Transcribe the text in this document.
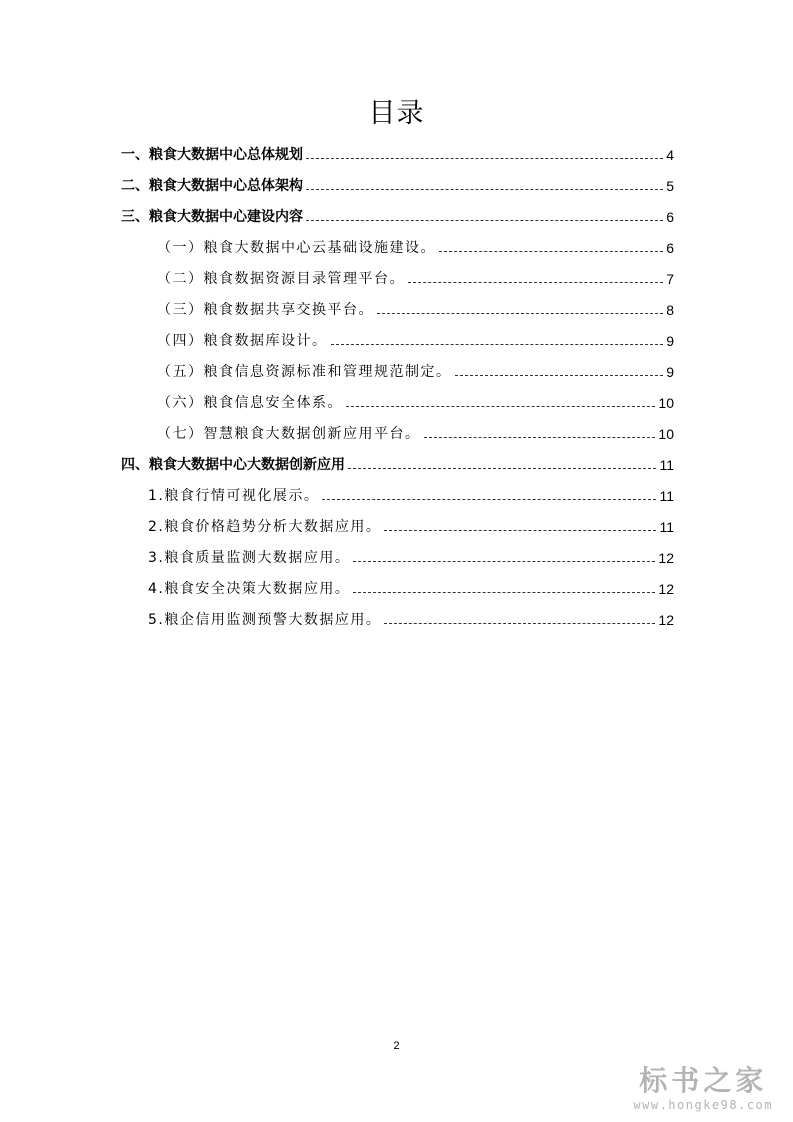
目录
一、粮食大数据中心总体规划	4
二、粮食大数据中心总体架构	5
三、粮食大数据中心建设内容	6
（一）粮食大数据中心云基础设施建设。	6
（二）粮食数据资源目录管理平台。	7
（三）粮食数据共享交换平台。	8
（四）粮食数据库设计。	9
（五）粮食信息资源标准和管理规范制定。	9
（六）粮食信息安全体系。	10
（七）智慧粮食大数据创新应用平台。	10
四、粮食大数据中心大数据创新应用	11
1.粮食行情可视化展示。	11
2.粮食价格趋势分析大数据应用。	11
3.粮食质量监测大数据应用。	12
4.粮食安全决策大数据应用。	12
5.粮企信用监测预警大数据应用。	12
2
标书之家
www.hongke98.com
